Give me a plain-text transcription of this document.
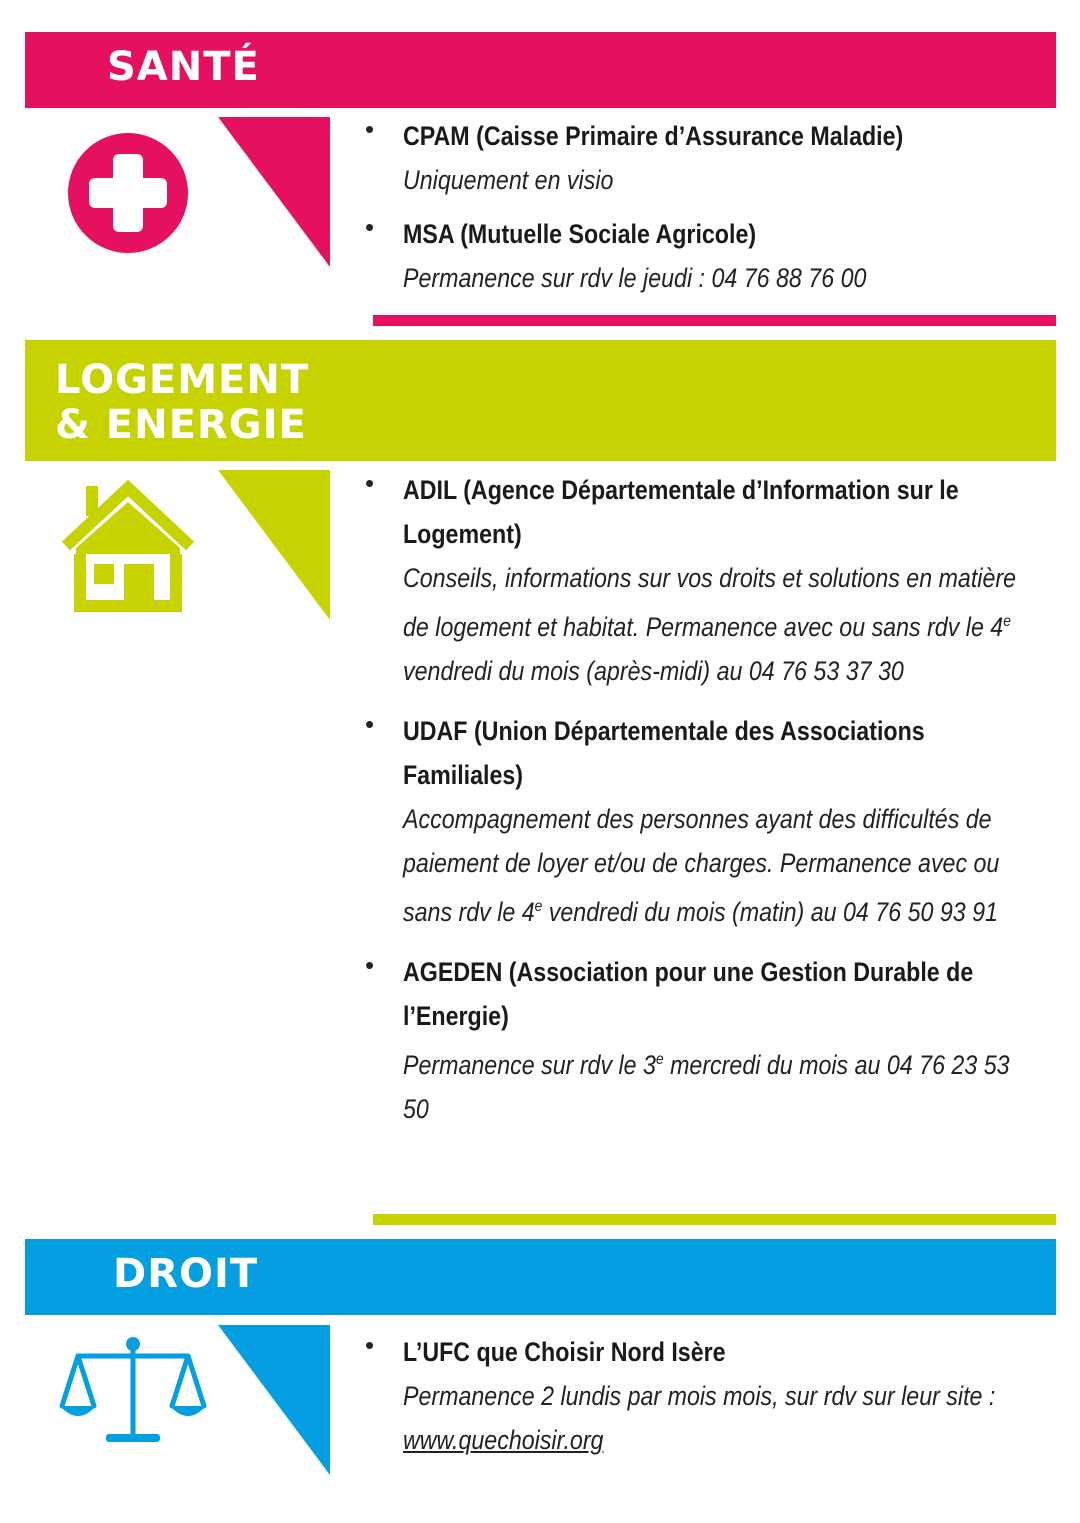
SANTÉ
• CPAM (Caisse Primaire d’Assurance Maladie)
Uniquement en visio
• MSA (Mutuelle Sociale Agricole)
Permanence sur rdv le jeudi : 04 76 88 76 00
LOGEMENT
& ENERGIE
• ADIL (Agence Départementale d’Information sur le Logement)
Conseils, informations sur vos droits et solutions en matière de logement et habitat. Permanence avec ou sans rdv le 4e vendredi du mois (après-midi) au 04 76 53 37 30
• UDAF (Union Départementale des Associations Familiales)
Accompagnement des personnes ayant des difficultés de paiement de loyer et/ou de charges. Permanence avec ou sans rdv le 4e vendredi du mois (matin) au 04 76 50 93 91
• AGEDEN (Association pour une Gestion Durable de l’Energie)
Permanence sur rdv le 3e mercredi du mois au 04 76 23 53 50
DROIT
• L’UFC que Choisir Nord Isère
Permanence 2 lundis par mois mois, sur rdv sur leur site : www.quechoisir.org
